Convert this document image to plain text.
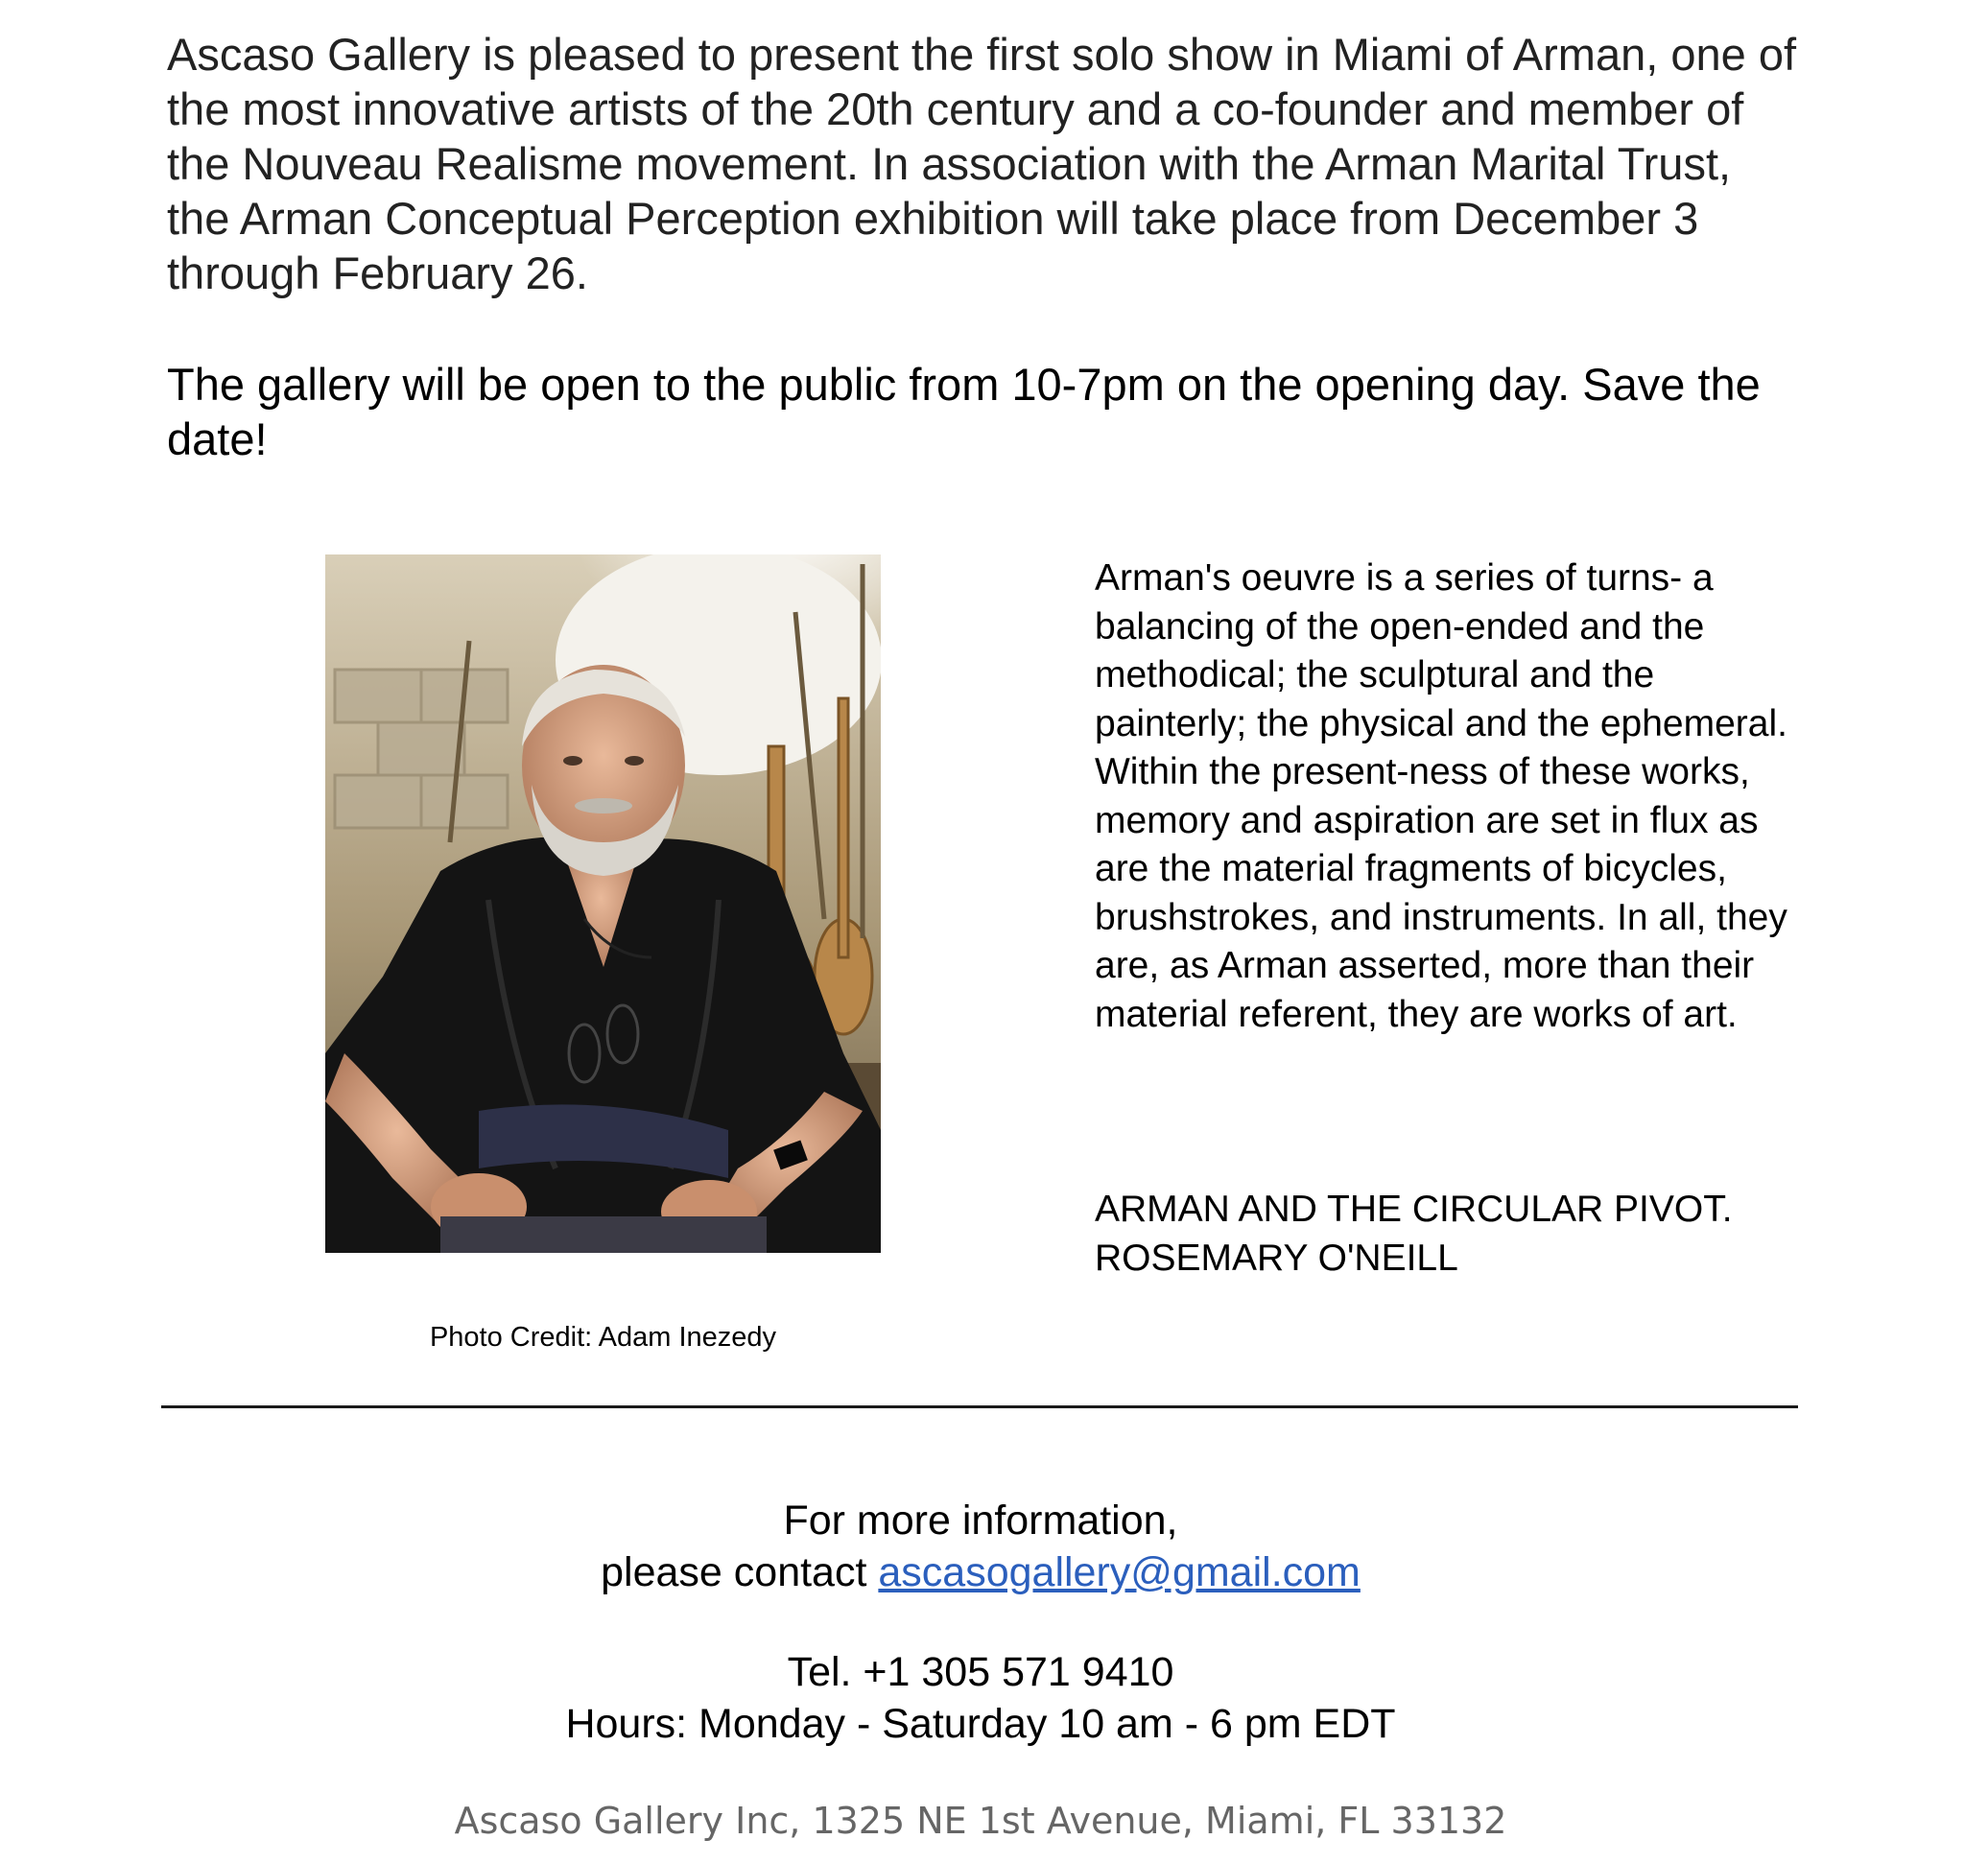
Ascaso Gallery is pleased to present the first solo show in Miami of Arman, one of the most innovative artists of the 20th century and a co-founder and member of the Nouveau Realisme movement. In association with the Arman Marital Trust, the Arman Conceptual Perception exhibition will take place from December 3 through February 26.

The gallery will be open to the public from 10-7pm on the opening day. Save the date!

Photo Credit: Adam Inezedy

Arman's oeuvre is a series of turns- a balancing of the open-ended and the methodical; the sculptural and the painterly; the physical and the ephemeral. Within the present-ness of these works, memory and aspiration are set in flux as are the material fragments of bicycles, brushstrokes, and instruments. In all, they are, as Arman asserted, more than their material referent, they are works of art.

ARMAN AND THE CIRCULAR PIVOT.
ROSEMARY O'NEILL
For more information,
please contact ascasogallery@gmail.com
Tel. +1 305 571 9410
Hours: Monday - Saturday 10 am - 6 pm EDT

Ascaso Gallery Inc, 1325 NE 1st Avenue, Miami, FL 33132
